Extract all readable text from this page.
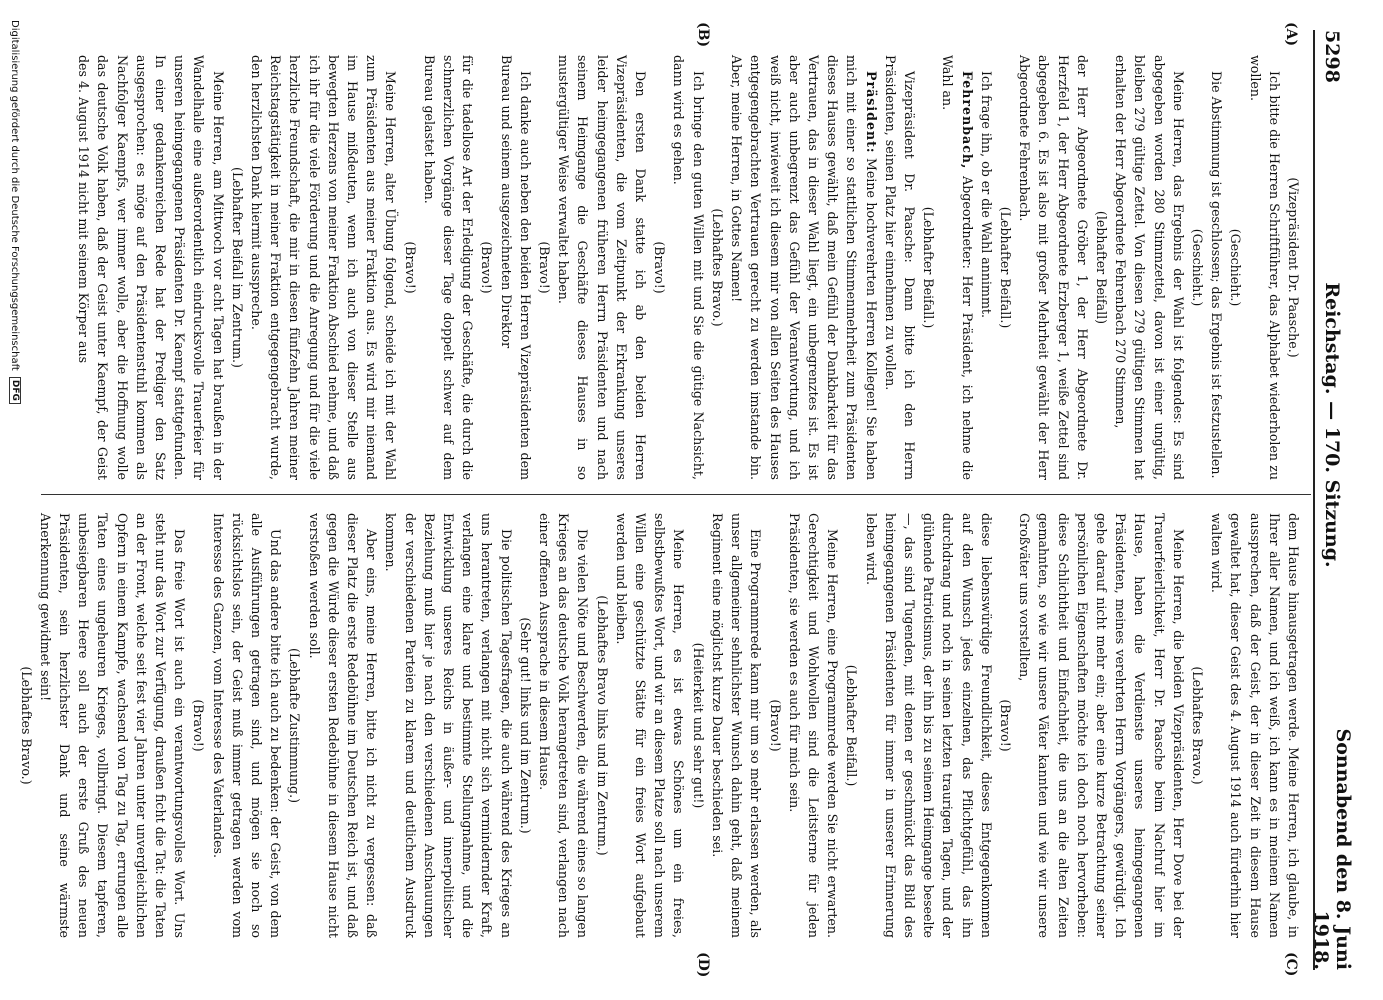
5298
Reichstag. — 170. Sitzung.
Sonnabend den 8. Juni 1918.
(A)
(B)
(C)
(D)

(Vizepräsident Dr. Paasche.)

Ich bitte die Herren Schriftführer, das Alphabet wiederholen zu wollen.

(Geschieht.)

Die Abstimmung ist geschlossen; das Ergebnis ist festzustellen.

(Geschieht.)

Meine Herren, das Ergebnis der Wahl ist folgendes: Es sind abgegeben worden 280 Stimmzettel, davon ist einer ungültig, bleiben 279 gültige Zettel. Von diesen 279 gültigen Stimmen hat erhalten der Herr Abgeordnete Fehrenbach 270 Stimmen,

(lebhafter Beifall)

der Herr Abgeordnete Gröber 1, der Herr Abgeordnete Dr. Herzfeld 1, der Herr Abgeordnete Erzberger 1, weiße Zettel sind abgegeben 6. Es ist also mit großer Mehrheit gewählt der Herr Abgeordnete Fehrenbach.

(Lebhafter Beifall.)

Ich frage ihn, ob er die Wahl annimmt.

Fehrenbach, Abgeordneter: Herr Präsident, ich nehme die Wahl an.

(Lebhafter Beifall.)

Vizepräsident Dr. Paasche: Dann bitte ich den Herrn Präsidenten, seinen Platz hier einnehmen zu wollen.

Präsident: Meine hochverehrten Herren Kollegen! Sie haben mich mit einer so stattlichen Stimmenmehrheit zum Präsidenten dieses Hauses gewählt, daß mein Gefühl der Dankbarkeit für das Vertrauen, das in dieser Wahl liegt, ein unbegrenztes ist. Es ist aber auch unbegrenzt das Gefühl der Verantwortung, und ich weiß nicht, inwieweit ich diesem mir von allen Seiten des Hauses entgegengebrachten Vertrauen gerecht zu werden imstande bin. Aber, meine Herren, in Gottes Namen!

(Lebhaftes Bravo.)

Ich bringe den guten Willen mit und Sie die gütige Nachsicht, dann wird es gehen.

(Bravo!)

Den ersten Dank statte ich ab den beiden Herren Vizepräsidenten, die vom Zeitpunkt der Erkrankung unseres leider heimgegangenen früheren Herrn Präsidenten und nach seinem Heimgange die Geschäfte dieses Hauses in so mustergültiger Weise verwaltet haben.

(Bravo!)

Ich danke auch neben den beiden Herren Vizepräsidenten dem Bureau und seinem ausgezeichneten Direktor

(Bravo!)

für die tadellose Art der Erledigung der Geschäfte, die durch die schmerzlichen Vorgänge dieser Tage doppelt schwer auf dem Bureau gelastet haben.

(Bravo!)

Meine Herren, alter Übung folgend, scheide ich mit der Wahl zum Präsidenten aus meiner Fraktion aus. Es wird mir niemand im Hause mißdeuten, wenn ich auch von dieser Stelle aus bewegten Herzens von meiner Fraktion Abschied nehme, und daß ich ihr für die viele Förderung und die Anregung und für die viele herzliche Freundschaft, die mir in diesen fünfzehn Jahren meiner Reichstagstätigkeit in meiner Fraktion entgegengebracht wurde, den herzlichsten Dank hiermit ausspreche.

(Lebhafter Beifall im Zentrum.)

Meine Herren, am Mittwoch vor acht Tagen hat braußen in der Wandelhalle eine außerordentlich eindrucksvolle Trauerfeier für unseren heimgegangenen Präsidenten Dr. Kaempf stattgefunden. In einer gedankenreichen Rede hat der Prediger den Satz ausgesprochen: es möge auf den Präsidentenstuhl kommen als Nachfolger Kaempfs, wer immer wolle, aber die Hoffnung wolle das deutsche Volk haben, daß der Geist unter Kaempf, der Geist des 4. August 1914 nicht mit seinem Körper aus

dem Hause hinausgetragen werde. Meine Herren, ich glaube, in Ihrer aller Namen, und ich weiß, ich kann es in meinem Namen aussprechen, daß der Geist, der in dieser Zeit in diesem Hause gewaltet hat, dieser Geist des 4. August 1914 auch fürderhin hier walten wird.

(Lebhaftes Bravo.)

Meine Herren, die beiden Vizepräsidenten, Herr Dove bei der Trauerfeierlichkeit, Herr Dr. Paasche beim Nachruf hier im Hause, haben die Verdienste unseres heimgegangenen Präsidenten, meines verehrten Herrn Vorgängers, gewürdigt. Ich gehe darauf nicht mehr ein; aber eine kurze Betrachtung seiner persönlichen Eigenschaften möchte ich doch noch hervorheben: diese Schlichtheit und Einfachheit, die uns an die alten Zeiten gemahnten, so wie wir unsere Väter kannten und wie wir unsere Großväter uns vorstellten,

(Bravo!)

diese liebenswürdige Freundlichkeit, dieses Entgegenkommen auf den Wunsch jedes einzelnen, das Pflichtgefühl, das ihn durchdrang und noch in seinen letzten traurigen Tagen, und der glühende Patriotismus, der ihn bis zu seinem Heimgange beseelte —, das sind Tugenden, mit denen er geschmückt das Bild des heimgegangenen Präsidenten für immer in unserer Erinnerung leben wird.

(Lebhafter Beifall.)

Meine Herren, eine Programmrede werden Sie nicht erwarten. Gerechtigkeit und Wohlwollen sind die Leitsterne für jeden Präsidenten, sie werden es auch für mich sein.

(Bravo!)

Eine Programmrede kann mir um so mehr erlassen werden, als unser allgemeiner sehnlichster Wunsch dahin geht, daß meinem Regiment eine möglichst kurze Dauer beschieden sei.

(Heiterkeit und sehr gut!)

Meine Herren, es ist etwas Schönes um ein freies, selbstbewußtes Wort, und wir an diesem Platze soll nach unserem Willen eine geschützte Stätte für ein freies Wort aufgebaut werden und bleiben.

(Lebhaftes Bravo links und im Zentrum.)

Die vielen Nöte und Beschwerden, die während eines so langen Krieges an das deutsche Volk herangetreten sind, verlangen nach einer offenen Aussprache in diesem Hause.

(Sehr gut! links und im Zentrum.)

Die politischen Tagesfragen, die auch während des Krieges an uns herantreten, verlangen mit nicht sich vermindernder Kraft, verlangen eine klare und bestimmte Stellungnahme, und die Entwicklung unseres Reichs in äußer- und innerpolitischer Beziehung muß hier je nach den verschiedenen Anschauungen der verschiedenen Parteien zu klarem und deutlichem Ausdruck kommen.

Aber eins, meine Herren, bitte ich nicht zu vergessen: daß dieser Platz die erste Redebühne im Deutschen Reich ist, und daß gegen die Würde dieser ersten Redebühne in diesem Hause nicht verstoßen werden soll.

(Lebhafte Zustimmung.)

Und das andere bitte ich auch zu bedenken: der Geist, von dem alle Ausführungen getragen sind, und mögen sie noch so rücksichtslos sein, der Geist muß immer getragen werden vom Interesse des Ganzen, vom Interesse des Vaterlandes.

(Bravo!)

Das freie Wort ist auch ein verantwortungsvolles Wort. Uns steht nur das Wort zur Verfügung, draußen ficht die Tat: die Taten an der Front, welche seit fest vier Jahren unter unvergleichlichen Opfern in einem Kampfe, wachsend von Tag zu Tag, errungen alle Taten eines ungeheuren Krieges, vollbringt. Diesem tapferen, unbesiegbaren Heere soll auch der erste Gruß des neuen Präsidenten, sein herzlichster Dank und seine wärmste Anerkennung gewidmet sein!

(Lebhaftes Bravo.)

Digitalisierung gefördert durch die Deutsche Forschungsgemeinschaft
DFG
